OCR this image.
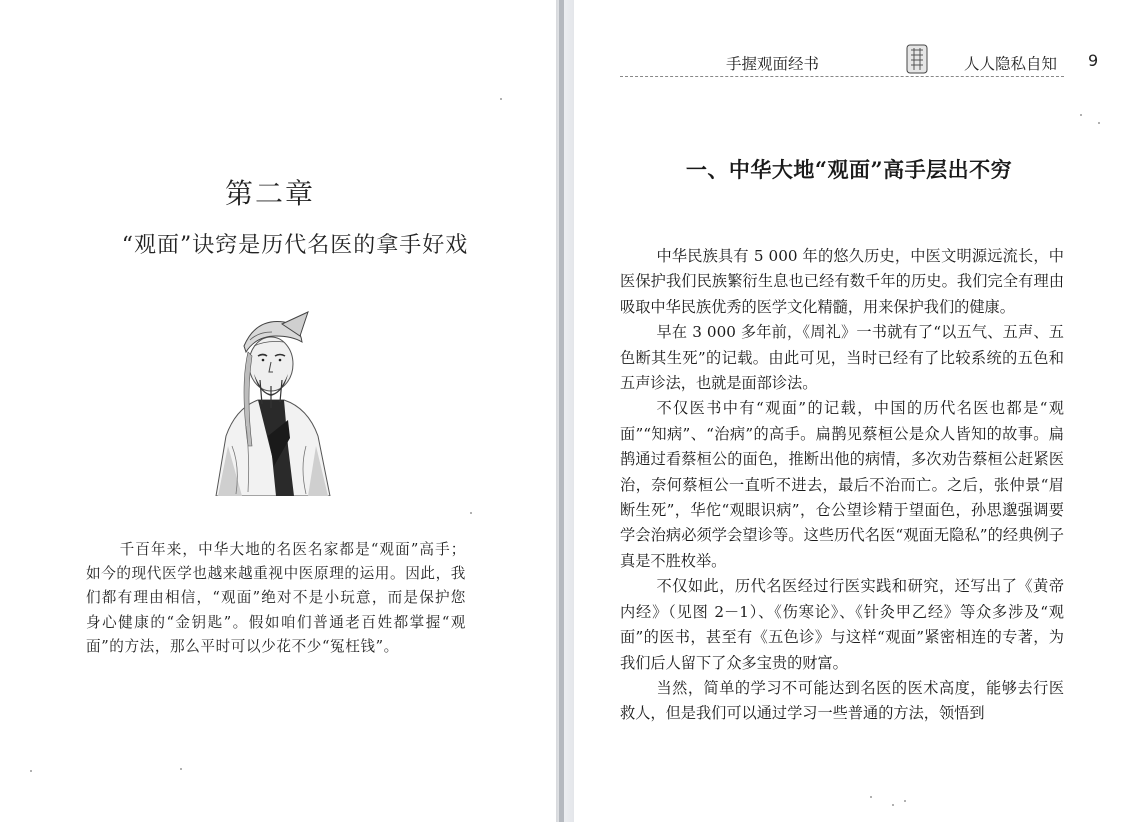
第二章
“观面”诀窍是历代名医的拿手好戏

千百年来，中华大地的名医名家都是“观面”高手；如今的现代医学也越来越重视中医原理的运用。因此，我们都有理由相信，“观面”绝对不是小玩意，而是保护您身心健康的“金钥匙”。假如咱们普通老百姓都掌握“观面”的方法，那么平时可以少花不少“冤枉钱”。

手握观面经书	人人隐私自知 9
一、中华大地“观面”高手层出不穷

中华民族具有 5 000 年的悠久历史，中医文明源远流长，中医保护我们民族繁衍生息也已经有数千年的历史。我们完全有理由吸取中华民族优秀的医学文化精髓，用来保护我们的健康。

早在 3 000 多年前，《周礼》一书就有了“以五气、五声、五色断其生死”的记载。由此可见，当时已经有了比较系统的五色和五声诊法，也就是面部诊法。

不仅医书中有“观面”的记载，中国的历代名医也都是“观面”“知病”、“治病”的高手。扁鹊见蔡桓公是众人皆知的故事。扁鹊通过看蔡桓公的面色，推断出他的病情，多次劝告蔡桓公赶紧医治，奈何蔡桓公一直听不进去，最后不治而亡。之后，张仲景“眉断生死”，华佗“观眼识病”，仓公望诊精于望面色，孙思邈强调要学会治病必须学会望诊等。这些历代名医“观面无隐私”的经典例子真是不胜枚举。

不仅如此，历代名医经过行医实践和研究，还写出了《黄帝内经》（见图 2－1）、《伤寒论》、《针灸甲乙经》等众多涉及“观面”的医书，甚至有《五色诊》与这样“观面”紧密相连的专著，为我们后人留下了众多宝贵的财富。

当然，简单的学习不可能达到名医的医术高度，能够去行医救人，但是我们可以通过学习一些普通的方法，领悟到
